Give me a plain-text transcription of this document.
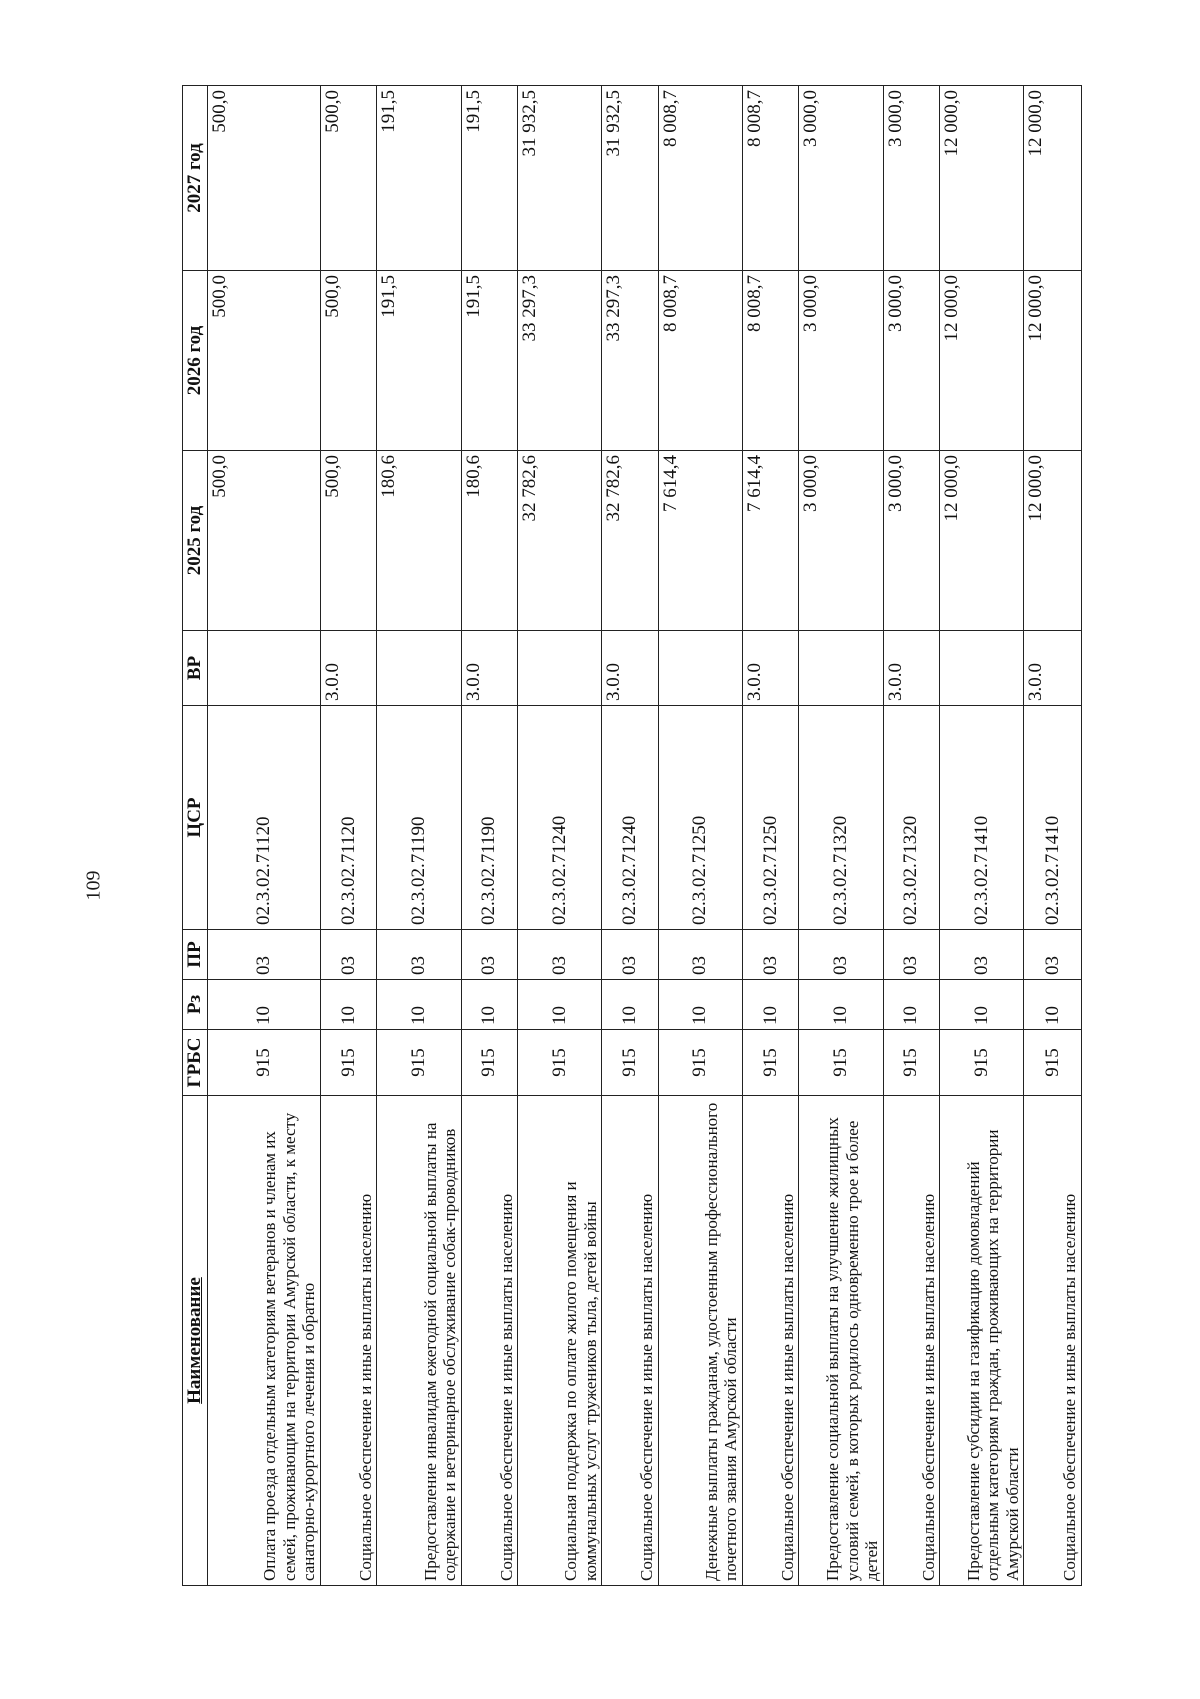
109
Наименование	ГРБС	Рз	ПР	ЦСР	ВР	2025 год	2026 год	2027 год
Оплата проезда отдельным категориям ветеранов и членам их семей, проживающим на территории Амурской области, к месту санаторно-курортного лечения и обратно	915	10	03	02.3.02.71120		500,0	500,0	500,0
Социальное обеспечение и иные выплаты населению	915	10	03	02.3.02.71120	3.0.0	500,0	500,0	500,0
Предоставление инвалидам ежегодной социальной выплаты на содержание и ветеринарное обслуживание собак-проводников	915	10	03	02.3.02.71190		180,6	191,5	191,5
Социальное обеспечение и иные выплаты населению	915	10	03	02.3.02.71190	3.0.0	180,6	191,5	191,5
Социальная поддержка по оплате жилого помещения и коммунальных услуг тружеников тыла, детей войны	915	10	03	02.3.02.71240		32 782,6	33 297,3	31 932,5
Социальное обеспечение и иные выплаты населению	915	10	03	02.3.02.71240	3.0.0	32 782,6	33 297,3	31 932,5
Денежные выплаты гражданам, удостоенным профессионального почетного звания Амурской области	915	10	03	02.3.02.71250		7 614,4	8 008,7	8 008,7
Социальное обеспечение и иные выплаты населению	915	10	03	02.3.02.71250	3.0.0	7 614,4	8 008,7	8 008,7
Предоставление социальной выплаты на улучшение жилищных условий семей, в которых родилось одновременно трое и более детей	915	10	03	02.3.02.71320		3 000,0	3 000,0	3 000,0
Социальное обеспечение и иные выплаты населению	915	10	03	02.3.02.71320	3.0.0	3 000,0	3 000,0	3 000,0
Предоставление субсидии на газификацию домовладений отдельным категориям граждан, проживающих на территории Амурской области	915	10	03	02.3.02.71410		12 000,0	12 000,0	12 000,0
Социальное обеспечение и иные выплаты населению	915	10	03	02.3.02.71410	3.0.0	12 000,0	12 000,0	12 000,0
